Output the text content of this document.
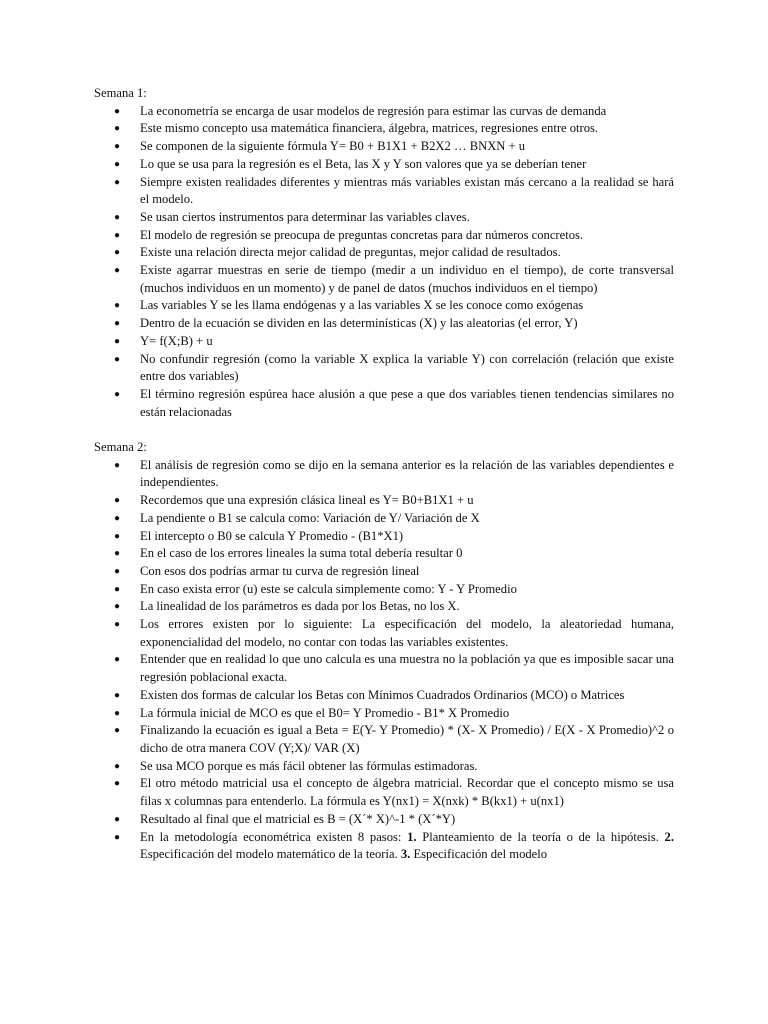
Semana 1:

● La econometría se encarga de usar modelos de regresión para estimar las curvas de demanda
● Este mismo concepto usa matemática financiera, álgebra, matrices, regresiones entre otros.
● Se componen de la siguiente fórmula Y= B0 + B1X1 + B2X2 … BNXN + u
● Lo que se usa para la regresión es el Beta, las X y Y son valores que ya se deberían tener
● Siempre existen realidades diferentes y mientras más variables existan más cercano a la realidad se hará el modelo.
● Se usan ciertos instrumentos para determinar las variables claves.
● El modelo de regresión se preocupa de preguntas concretas para dar números concretos.
● Existe una relación directa mejor calidad de preguntas, mejor calidad de resultados.
● Existe agarrar muestras en serie de tiempo (medir a un individuo en el tiempo), de corte transversal (muchos individuos en un momento) y de panel de datos (muchos individuos en el tiempo)
● Las variables Y se les llama endógenas y a las variables X se les conoce como exógenas
● Dentro de la ecuación se dividen en las determinísticas (X) y las aleatorias (el error, Y)
● Y= f(X;B) + u
● No confundir regresión (como la variable X explica la variable Y) con correlación (relación que existe entre dos variables)
● El término regresión espúrea hace alusión a que pese a que dos variables tienen tendencias similares no están relacionadas

Semana 2:

● El análisis de regresión como se dijo en la semana anterior es la relación de las variables dependientes e independientes.
● Recordemos que una expresión clásica lineal es Y= B0+B1X1 + u
● La pendiente o B1 se calcula como: Variación de Y/ Variación de X
● El intercepto o B0 se calcula Y Promedio - (B1*X1)
● En el caso de los errores lineales la suma total debería resultar 0
● Con esos dos podrías armar tu curva de regresión lineal
● En caso exista error (u) este se calcula simplemente como: Y - Y Promedio
● La linealidad de los parámetros es dada por los Betas, no los X.
● Los errores existen por lo siguiente: La especificación del modelo, la aleatoriedad humana, exponencialidad del modelo, no contar con todas las variables existentes.
● Entender que en realidad lo que uno calcula es una muestra no la población ya que es imposible sacar una regresión poblacional exacta.
● Existen dos formas de calcular los Betas con Mínimos Cuadrados Ordinarios (MCO) o Matrices
● La fórmula inicial de MCO es que el B0= Y Promedio - B1* X Promedio
● Finalizando la ecuación es igual a Beta = E(Y- Y Promedio) * (X- X Promedio) / E(X - X Promedio)^2 o dicho de otra manera COV (Y;X)/ VAR (X)
● Se usa MCO porque es más fácil obtener las fórmulas estimadoras.
● El otro método matricial usa el concepto de álgebra matricial. Recordar que el concepto mismo se usa filas x columnas para entenderlo. La fórmula es Y(nx1) = X(nxk) * B(kx1) + u(nx1)
● Resultado al final que el matricial es B = (X´* X)^-1 * (X´*Y)
● En la metodología econométrica existen 8 pasos: 1. Planteamiento de la teoría o de la hipótesis. 2. Especificación del modelo matemático de la teoría. 3. Especificación del modelo
